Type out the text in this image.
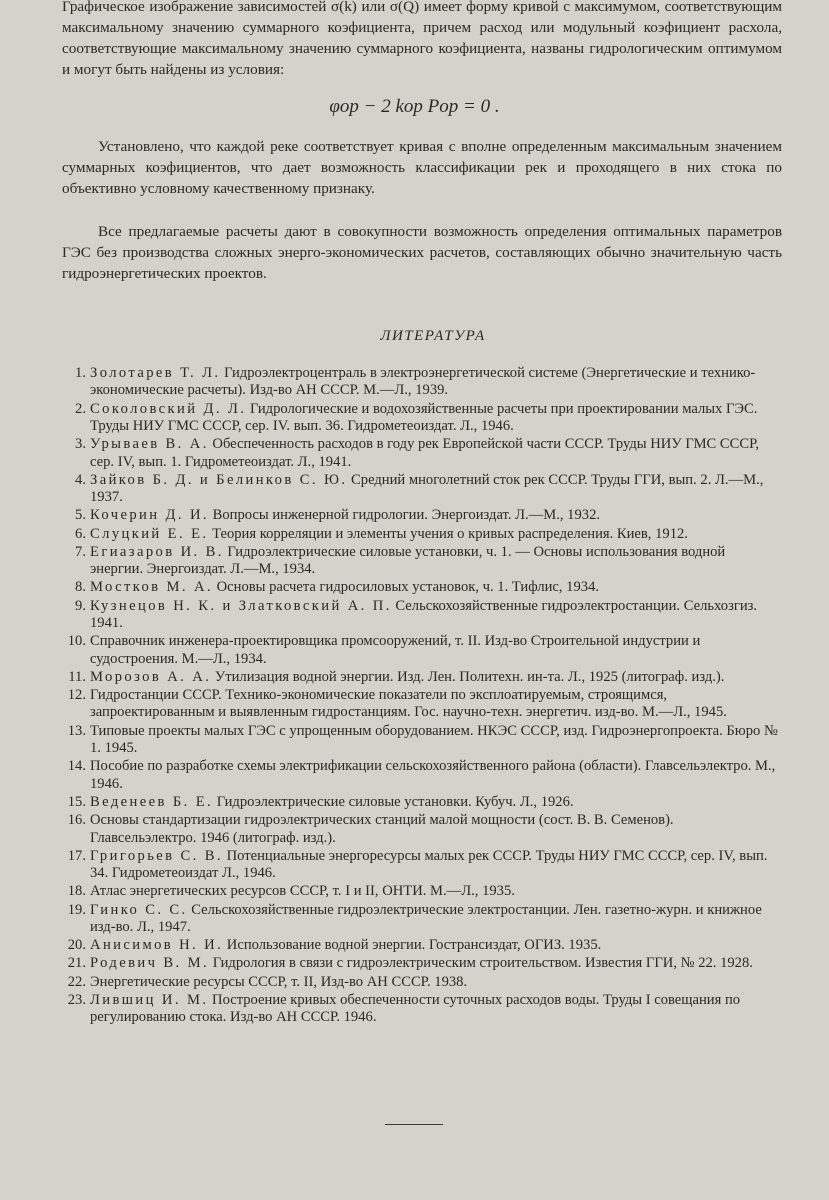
Графическое изображение зависимостей σ(k) или σ(Q) имеет форму кривой с максимумом, соответствующим максимальному значению суммарного коэфициента, причем расход или модульный коэфициент расхола, соответствующие максимальному значению суммарного коэфициента, названы гидрологическим оптимумом и могут быть найдены из условия:

φор − 2 kор Pор = 0 .

Установлено, что каждой реке соответствует кривая с вполне определенным максимальным значением суммарных коэфициентов, что дает возможность классификации рек и проходящего в них стока по объективно условному качественному признаку.

Все предлагаемые расчеты дают в совокупности возможность определения оптимальных параметров ГЭС без производства сложных энерго-экономических расчетов, составляющих обычно значительную часть гидроэнергетических проектов.

ЛИТЕРАТУРА
1. Золотарев Т. Л. Гидроэлектроцентраль в электроэнергетической системе (Энергетические и технико-экономические расчеты). Изд-во АН СССР. М.—Л., 1939.
2. Соколовский Д. Л. Гидрологические и водохозяйственные расчеты при проектировании малых ГЭС. Труды НИУ ГМС СССР, сер. IV. вып. 36. Гидрометеоиздат. Л., 1946.
3. Урываев В. А. Обеспеченность расходов в году рек Европейской части СССР. Труды НИУ ГМС СССР, сер. IV, вып. 1. Гидрометеоиздат. Л., 1941.
4. Зайков Б. Д. и Белинков С. Ю. Средний многолетний сток рек СССР. Труды ГГИ, вып. 2. Л.—М., 1937.
5. Кочерин Д. И. Вопросы инженерной гидрологии. Энергоиздат. Л.—М., 1932.
6. Слуцкий Е. Е. Теория корреляции и элементы учения о кривых распределения. Киев, 1912.
7. Егиазаров И. В. Гидроэлектрические силовые установки, ч. 1. — Основы использования водной энергии. Энергоиздат. Л.—М., 1934.
8. Мостков М. А. Основы расчета гидросиловых установок, ч. 1. Тифлис, 1934.
9. Кузнецов Н. К. и Златковский А. П. Сельскохозяйственные гидроэлектростанции. Сельхозгиз. 1941.
10. Справочник инженера-проектировщика промсооружений, т. II. Изд-во Строительной индустрии и судостроения. М.—Л., 1934.
11. Морозов А. А. Утилизация водной энергии. Изд. Лен. Политехн. ин-та. Л., 1925 (литограф. изд.).
12. Гидростанции СССР. Технико-экономические показатели по эксплоатируемым, строящимся, запроектированным и выявленным гидростанциям. Гос. научно-техн. энергетич. изд-во. М.—Л., 1945.
13. Типовые проекты малых ГЭС с упрощенным оборудованием. НКЭС СССР, изд. Гидроэнергопроекта. Бюро № 1. 1945.
14. Пособие по разработке схемы электрификации сельскохозяйственного района (области). Главсельэлектро. М., 1946.
15. Веденеев Б. Е. Гидроэлектрические силовые установки. Кубуч. Л., 1926.
16. Основы стандартизации гидроэлектрических станций малой мощности (сост. В. В. Семенов). Главсельэлектро. 1946 (литограф. изд.).
17. Григорьев С. В. Потенциальные энергоресурсы малых рек СССР. Труды НИУ ГМС СССР, сер. IV, вып. 34. Гидрометеоиздат Л., 1946.
18. Атлас энергетических ресурсов СССР, т. I и II, ОНТИ. М.—Л., 1935.
19. Гинко С. С. Сельскохозяйственные гидроэлектрические электростанции. Лен. газетно-журн. и книжное изд-во. Л., 1947.
20. Анисимов Н. И. Использование водной энергии. Гострансиздат, ОГИЗ. 1935.
21. Родевич В. М. Гидрология в связи с гидроэлектрическим строительством. Известия ГГИ, № 22. 1928.
22. Энергетические ресурсы СССР, т. II, Изд-во АН СССР. 1938.
23. Лившиц И. М. Построение кривых обеспеченности суточных расходов воды. Труды I совещания по регулированию стока. Изд-во АН СССР. 1946.
